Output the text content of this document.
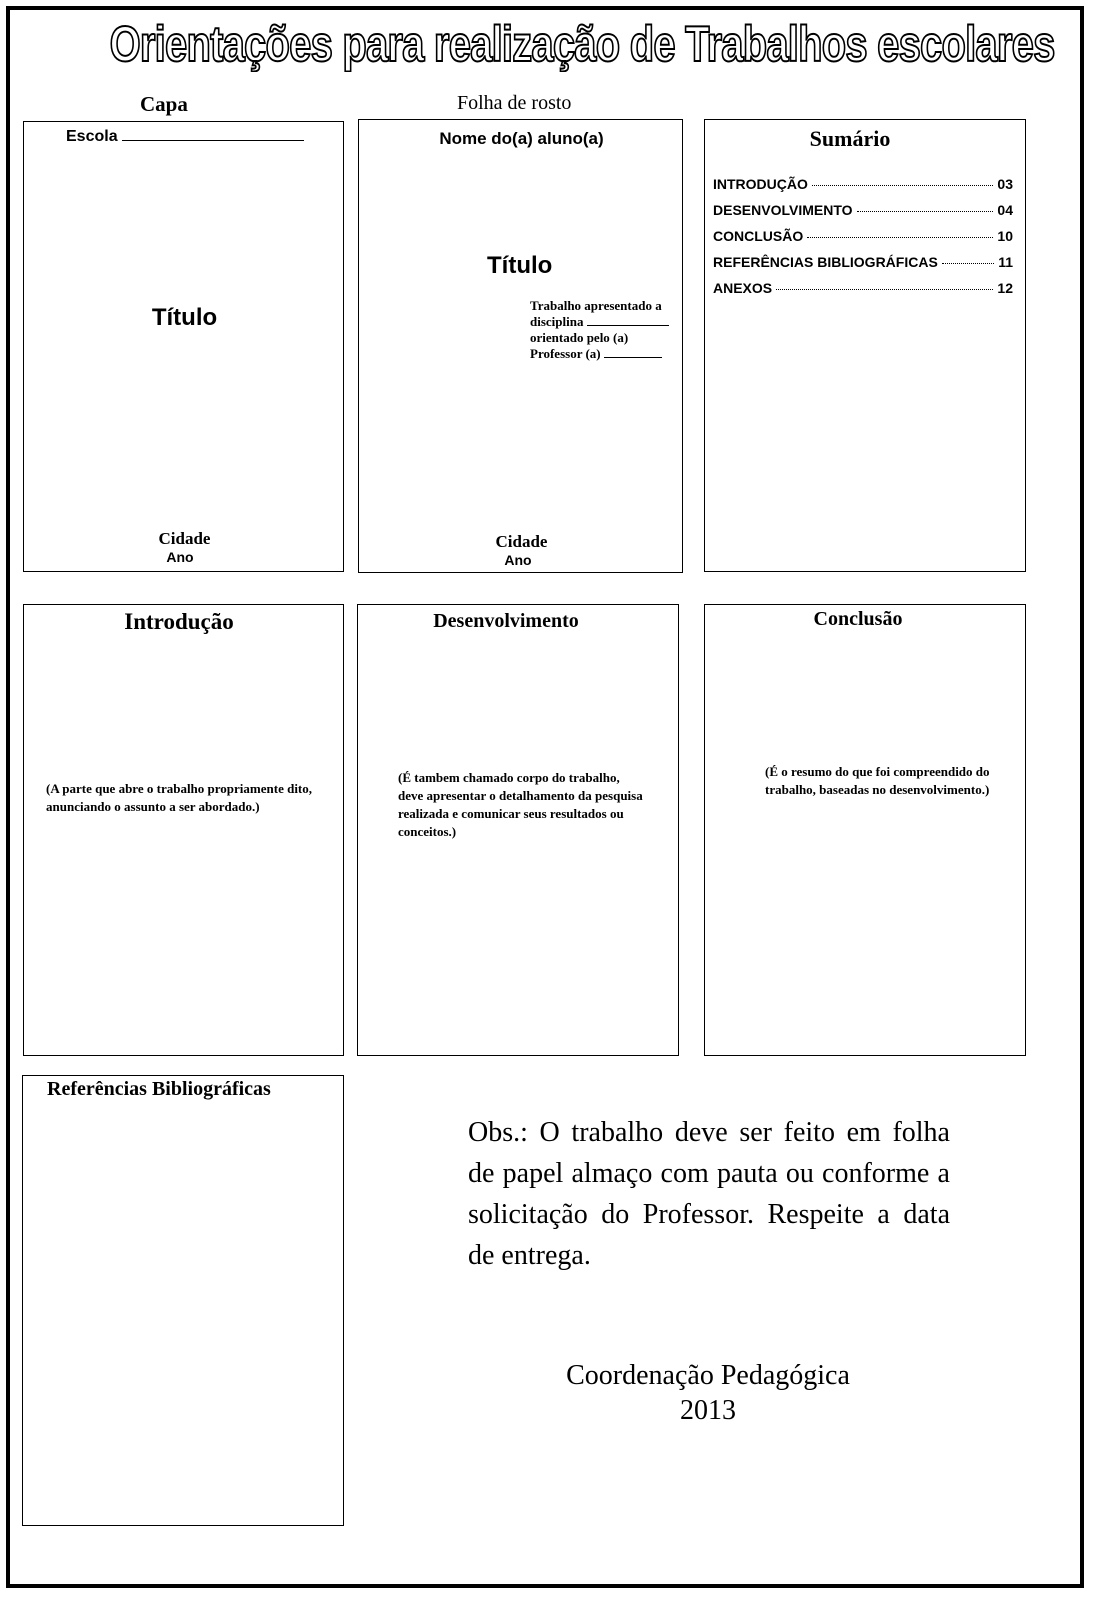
Orientações para realização de Trabalhos escolares
Capa	Folha de rosto
Escola
Título
Cidade
Ano
Nome do(a) aluno(a)
Título
Trabalho apresentado a
disciplina
orientado pelo (a)
Professor (a)
Cidade
Ano
Sumário
INTRODUÇÃO	03
DESENVOLVIMENTO	04
CONCLUSÃO	10
REFERÊNCIAS BIBLIOGRÁFICAS	11
ANEXOS	12
Introdução
(A parte que abre o trabalho propriamente dito, anunciando o assunto a ser abordado.)
Desenvolvimento
(É tambem chamado corpo do trabalho, deve apresentar o detalhamento da pesquisa realizada e comunicar seus resultados ou conceitos.)
Conclusão
(É o resumo do que foi compreendido do trabalho, baseadas no desenvolvimento.)
Referências Bibliográficas
Obs.: O trabalho deve ser feito em folha de papel almaço com pauta ou conforme a solicitação do Professor. Respeite a data de entrega.
Coordenação Pedagógica
2013
